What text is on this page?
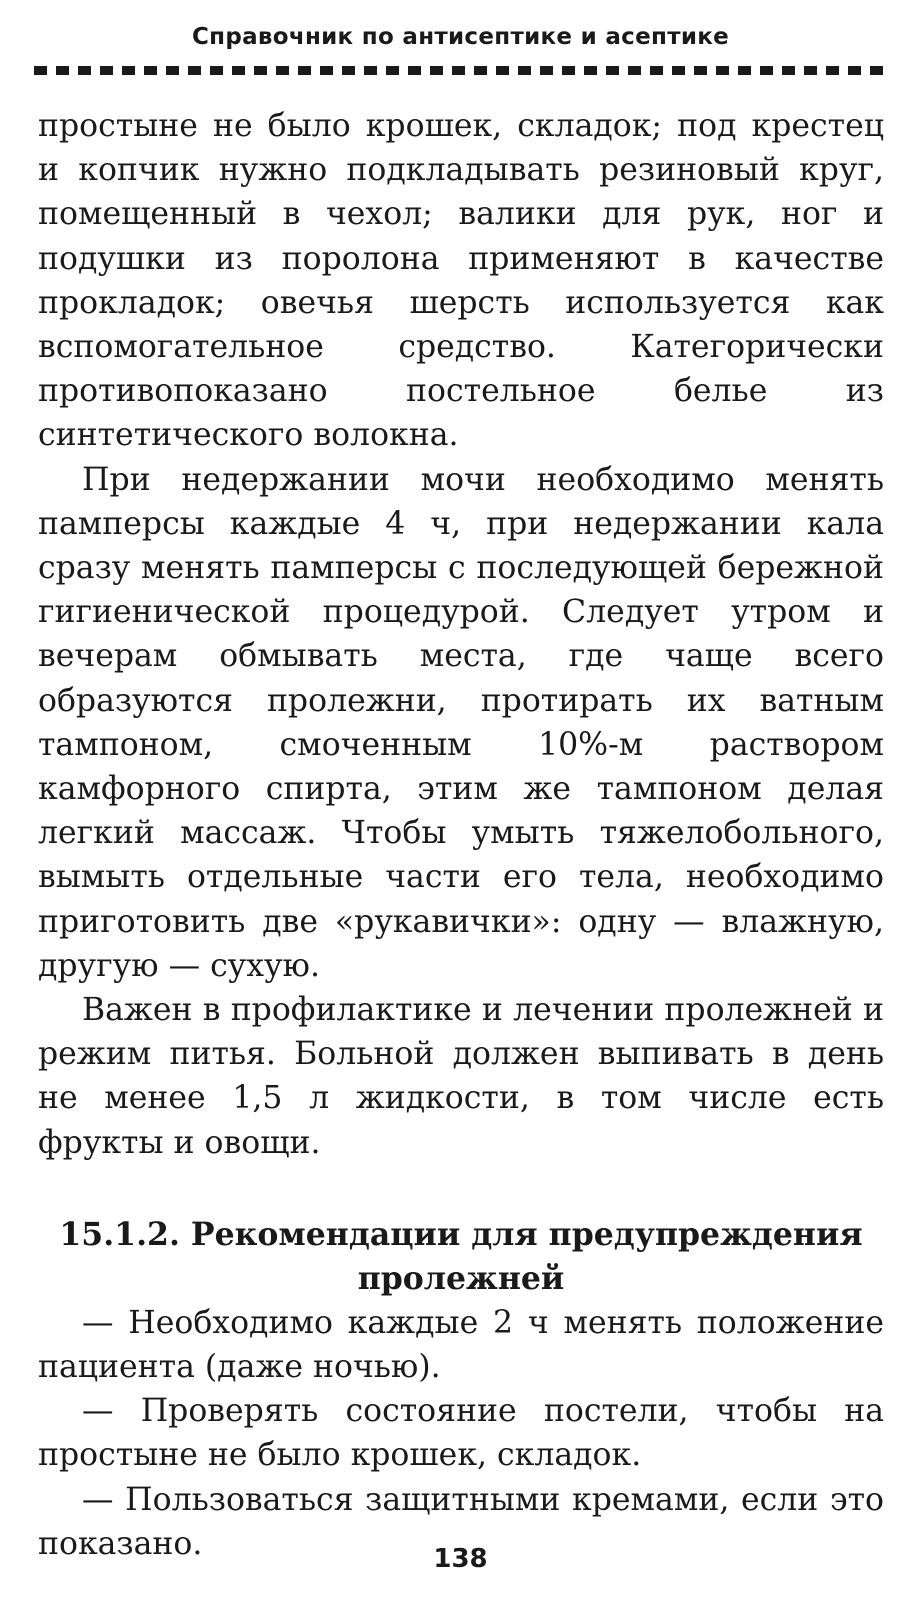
Справочник по антисептике и асептике

простыне не было крошек, складок; под крестец и копчик нужно подкладывать резиновый круг, помещенный в чехол; валики для рук, ног и подушки из поролона применяют в качестве прокладок; овечья шерсть используется как вспомогательное средство. Категорически противопоказано постельное белье из синтетического волокна.

При недержании мочи необходимо менять памперсы каждые 4 ч, при недержании кала сразу менять памперсы с последующей бережной гигиенической процедурой. Следует утром и вечерам обмывать места, где чаще всего образуются пролежни, протирать их ватным тампоном, смоченным 10%-м раствором камфорного спирта, этим же тампоном делая легкий массаж. Чтобы умыть тяжелобольного, вымыть отдельные части его тела, необходимо приготовить две «рукавички»: одну — влажную, другую — сухую.

Важен в профилактике и лечении пролежней и режим питья. Больной должен выпивать в день не менее 1,5 л жидкости, в том числе есть фрукты и овощи.

15.1.2. Рекомендации для предупреждения
пролежней

— Необходимо каждые 2 ч менять положение пациента (даже ночью).

— Проверять состояние постели, чтобы на простыне не было крошек, складок.

— Пользоваться защитными кремами, если это показано.	138
